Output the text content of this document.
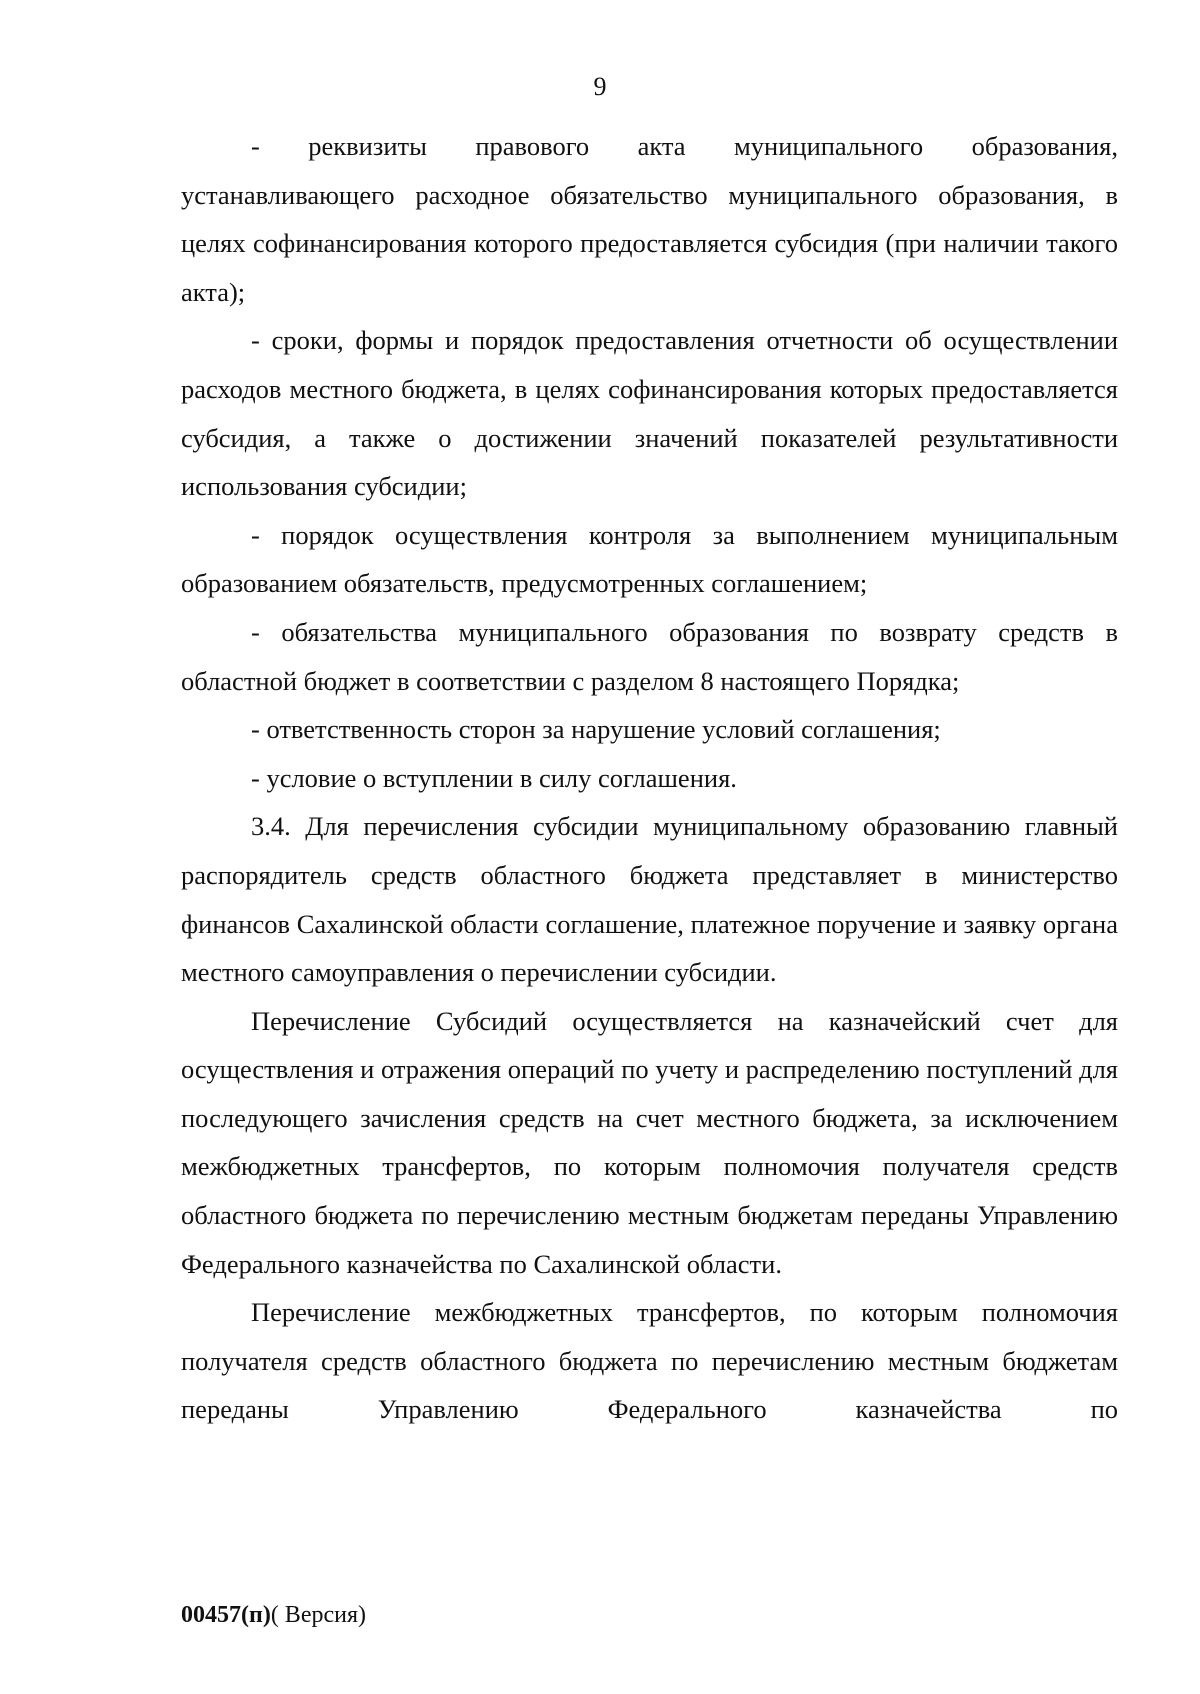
9

- реквизиты правового акта муниципального образования, устанавливающего расходное обязательство муниципального образования, в целях софинансирования которого предоставляется субсидия (при наличии такого акта);

- сроки, формы и порядок предоставления отчетности об осуществлении расходов местного бюджета, в целях софинансирования которых предоставляется субсидия, а также о достижении значений показателей результативности использования субсидии;

- порядок осуществления контроля за выполнением муниципальным образованием обязательств, предусмотренных соглашением;

- обязательства муниципального образования по возврату средств в областной бюджет в соответствии с разделом 8 настоящего Порядка;

- ответственность сторон за нарушение условий соглашения;

- условие о вступлении в силу соглашения.

3.4. Для перечисления субсидии муниципальному образованию главный распорядитель средств областного бюджета представляет в министерство финансов Сахалинской области соглашение, платежное поручение и заявку органа местного самоуправления о перечислении субсидии.

Перечисление Субсидий осуществляется на казначейский счет для осуществления и отражения операций по учету и распределению поступлений для последующего зачисления средств на счет местного бюджета, за исключением межбюджетных трансфертов, по которым полномочия получателя средств областного бюджета по перечислению местным бюджетам переданы Управлению Федерального казначейства по Сахалинской области.

Перечисление межбюджетных трансфертов, по которым полномочия получателя средств областного бюджета по перечислению местным бюджетам переданы Управлению Федерального казначейства по

00457(п)( Версия)
